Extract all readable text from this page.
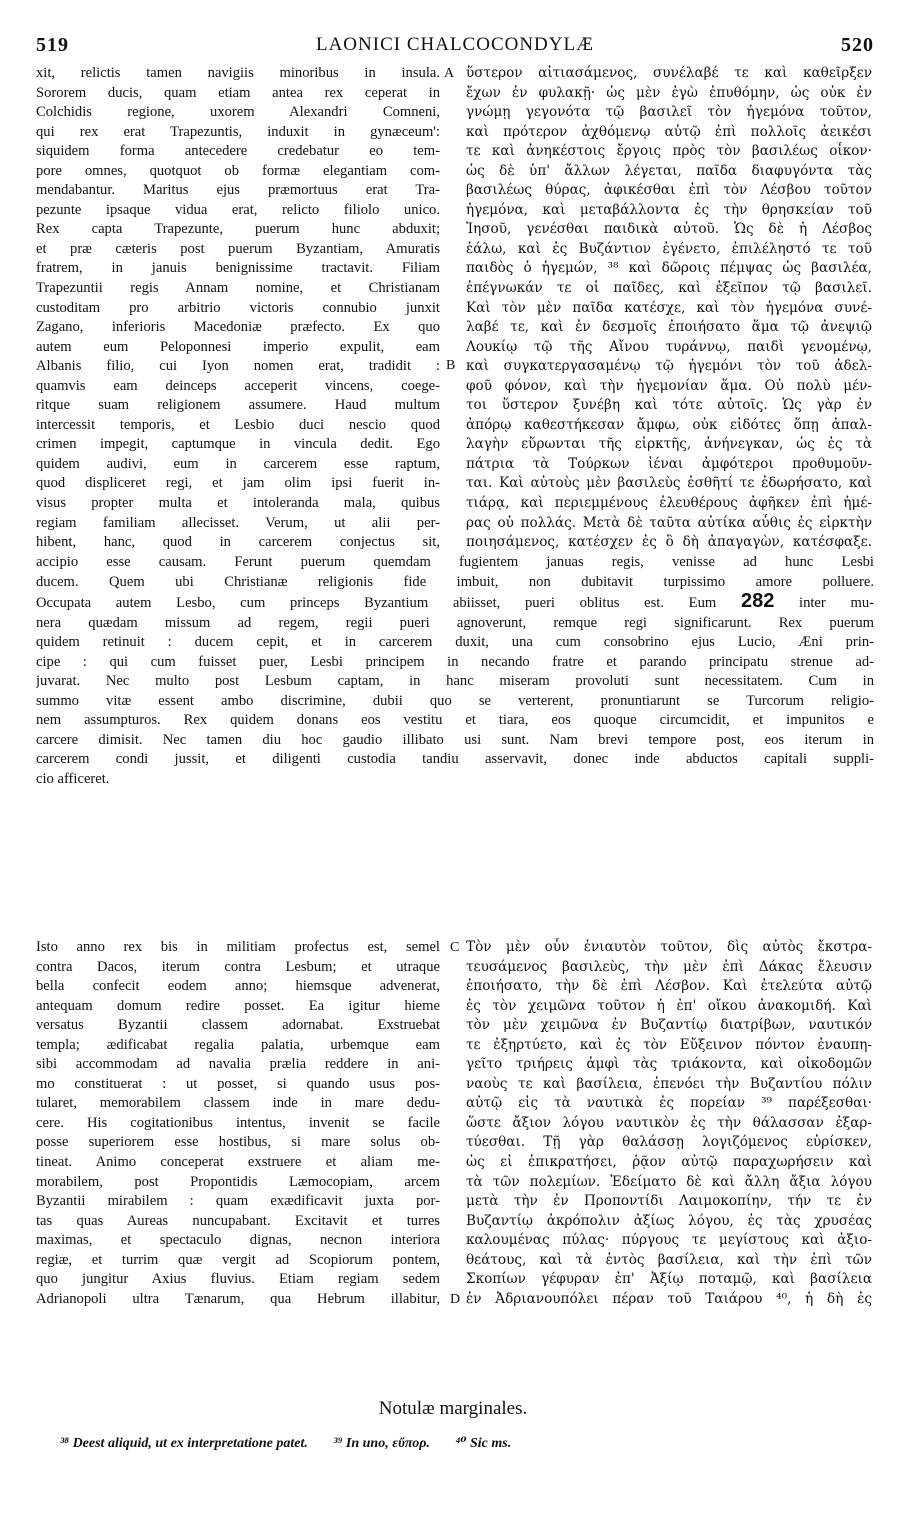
519	LAONICI CHALCOCONDYLÆ	520
A
B
C
D
xit, relictis tamen navigiis minoribus in insula.
Sororem ducis, quam etiam antea rex ceperat in
Colchidis regione, uxorem Alexandri Comneni,
qui rex erat Trapezuntis, induxit in gynæceum':
siquidem forma antecedere credebatur eo tem-
pore omnes, quotquot ob formæ elegantiam com-
mendabantur. Maritus ejus præmortuus erat Tra-
pezunte ipsaque vidua erat, relicto filiolo unico.
Rex capta Trapezunte, puerum hunc abduxit;
et præ cæteris post puerum Byzantiam, Amuratis
fratrem, in januis benignissime tractavit. Filiam
Trapezuntii regis Annam nomine, et Christianam
custoditam pro arbitrio victoris connubio junxit
Zagano, inferioris Macedoniæ præfecto. Ex quo
autem eum Peloponnesi imperio expulit, eam
Albanis filio, cui Iyon nomen erat, tradidit :
quamvis eam deinceps acceperit vincens, coege-
ritque suam religionem assumere. Haud multum
intercessit temporis, et Lesbio duci nescio quod
crimen impegit, captumque in vincula dedit. Ego
quidem audivi, eum in carcerem esse raptum,
quod displiceret regi, et jam olim ipsi fuerit in-
visus propter multa et intoleranda mala, quibus
regiam familiam allecisset. Verum, ut alii per-
hibent, hanc, quod in carcerem conjectus sit,
ὕστερον αἰτιασάμενος, συνέλαβέ τε καὶ καθεῖρξεν
ἔχων ἐν φυλακῇ· ὡς μὲν ἐγὼ ἐπυθόμην, ὡς οὐκ ἐν
γνώμῃ γεγονότα τῷ βασιλεῖ τὸν ἡγεμόνα τοῦτον,
καὶ πρότερον ἀχθόμενῳ αὐτῷ ἐπὶ πολλοῖς ἀεικέσι
τε καὶ ἀνηκέστοις ἔργοις πρὸς τὸν βασιλέως οἶκον·
ὡς δὲ ὑπ' ἄλλων λέγεται, παῖδα διαφυγόντα τὰς
βασιλέως θύρας, ἀφικέσθαι ἐπὶ τὸν Λέσβου τοῦτον
ἡγεμόνα, καὶ μεταβάλλοντα ἐς τὴν θρησκείαν τοῦ
Ἰησοῦ, γενέσθαι παιδικὰ αὐτοῦ. Ὡς δὲ ἡ Λέσβος
ἑάλω, καὶ ἐς Βυζάντιον ἐγένετο, ἐπιλέληστό τε τοῦ
παιδὸς ὁ ἡγεμών, ³⁸ καὶ δῶροις πέμψας ὡς βασιλέα,
ἐπέγνωκάν τε οἱ παῖδες, καὶ ἐξεῖπον τῷ βασιλεῖ.
Καὶ τὸν μὲν παῖδα κατέσχε, καὶ τὸν ἡγεμόνα συνέ-
λαβέ τε, καὶ ἐν δεσμοῖς ἐποιήσατο ἅμα τῷ ἀνεψιῷ
Λουκίῳ τῷ τῆς Αἴνου τυράννῳ, παιδὶ γενομένῳ,
καὶ συγκατεργασαμένῳ τῷ ἡγεμόνι τὸν τοῦ ἀδελ-
φοῦ φόνον, καὶ τὴν ἡγεμονίαν ἅμα. Οὐ πολὺ μέν-
τοι ὕστερον ξυνέβη καὶ τότε αὐτοῖς. Ὡς γὰρ ἐν
ἀπόρῳ καθεστήκεσαν ἄμφω, οὐκ εἰδότες ὅπῃ ἀπαλ-
λαγὴν εὕρωνται τῆς εἱρκτῆς, ἀνήνεγκαν, ὡς ἐς τὰ
πάτρια τὰ Τούρκων ἰέναι ἀμφότεροι προθυμοῦν-
ται. Καὶ αὐτοὺς μὲν βασιλεὺς ἐσθῆτί τε ἐδωρήσατο, καὶ
τιάρᾳ, καὶ περιεμμένους ἐλευθέρους ἀφῆκεν ἐπὶ ἡμέ-
ρας οὐ πολλάς. Μετὰ δὲ ταῦτα αὐτίκα αὖθις ἐς εἱρκτὴν
ποιησάμενος, κατέσχεν ἐς ὃ δὴ ἀπαγαγὼν, κατέσφαξε.
accipio esse causam. Ferunt puerum quemdam fugientem januas regis, venisse ad hunc Lesbi
ducem. Quem ubi Christianæ religionis fide imbuit, non dubitavit turpissimo amore polluere.
Occupata autem Lesbo, cum princeps Byzantium abiisset, pueri oblitus est. Eum 282 inter mu-
nera quædam missum ad regem, regii pueri agnoverunt, remque regi significarunt. Rex puerum
quidem retinuit : ducem cepit, et in carcerem duxit, una cum consobrino ejus Lucio, Æni prin-
cipe : qui cum fuisset puer, Lesbi principem in necando fratre et parando principatu strenue ad-
juvarat. Nec multo post Lesbum captam, in hanc miseram provoluti sunt necessitatem. Cum in
summo vitæ essent ambo discrimine, dubii quo se verterent, pronuntiarunt se Turcorum religio-
nem assumpturos. Rex quidem donans eos vestitu et tiara, eos quoque circumcidit, et impunitos e
carcere dimisit. Nec tamen diu hoc gaudio illibato usi sunt. Nam brevi tempore post, eos iterum in
carcerem condi jussit, et diligenti custodia tandiu asservavit, donec inde abductos capitali suppli-
cio afficeret.
Isto anno rex bis in militiam profectus est, semel
contra Dacos, iterum contra Lesbum; et utraque
bella confecit eodem anno; hiemsque advenerat,
antequam domum redire posset. Ea igitur hieme
versatus Byzantii classem adornabat. Exstruebat
templa; ædificabat regalia palatia, urbemque eam
sibi accommodam ad navalia prælia reddere in ani-
mo constituerat : ut posset, si quando usus pos-
tularet, memorabilem classem inde in mare dedu-
cere. His cogitationibus intentus, invenit se facile
posse superiorem esse hostibus, si mare solus ob-
tineat. Animo conceperat exstruere et aliam me-
morabilem, post Propontidis Læmocopiam, arcem
Byzantii mirabilem : quam exædificavit juxta por-
tas quas Aureas nuncupabant. Excitavit et turres
maximas, et spectaculo dignas, necnon interiora
regiæ, et turrim quæ vergit ad Scopiorum pontem,
quo jungitur Axius fluvius. Etiam regiam sedem
Adrianopoli ultra Tænarum, qua Hebrum illabitur,
Τὸν μὲν οὖν ἐνιαυτὸν τοῦτον, δὶς αὐτὸς ἔκστρα-
τευσάμενος βασιλεὺς, τὴν μὲν ἐπὶ Δάκας ἔλευσιν
ἐποιήσατο, τὴν δὲ ἐπὶ Λέσβον. Καὶ ἐτελεύτα αὐτῷ
ἐς τὸν χειμῶνα τοῦτον ἡ ἐπ' οἴκου ἀνακομιδή. Καὶ
τὸν μὲν χειμῶνα ἐν Βυζαντίῳ διατρίβων, ναυτικόν
τε ἐξηρτύετο, καὶ ἐς τὸν Εὔξεινον πόντον ἐναυπη-
γεῖτο τριήρεις ἀμφὶ τὰς τριάκοντα, καὶ οἰκοδομῶν
ναοὺς τε καὶ βασίλεια, ἐπενόει τὴν Βυζαντίου πόλιν
αὐτῷ εἰς τὰ ναυτικὰ ἐς πορείαν ³⁹ παρέξεσθαι·
ὥστε ἄξιον λόγου ναυτικὸν ἐς τὴν θάλασσαν ἐξαρ-
τύεσθαι. Τῇ γὰρ θαλάσσῃ λογιζόμενος εὑρίσκεν,
ὡς εἰ ἐπικρατήσει, ῥᾷον αὐτῷ παραχωρήσειν καὶ
τὰ τῶν πολεμίων. Ἐδείματο δὲ καὶ ἄλλη ἄξια λόγου
μετὰ τὴν ἐν Προποντίδι Λαιμοκοπίην, τήν τε ἐν
Βυζαντίῳ ἀκρόπολιν ἀξίως λόγου, ἐς τὰς χρυσέας
καλουμένας πύλας· πύργους τε μεγίστους καὶ ἀξιο-
θεάτους, καὶ τὰ ἐντὸς βασίλεια, καὶ τὴν ἐπὶ τῶν
Σκοπίων γέφυραν ἐπ' Ἀξίῳ ποταμῷ, καὶ βασίλεια
ἐν Ἀδριανουπόλει πέραν τοῦ Ταιάρου ⁴⁰, ἡ δὴ ἐς
Notulæ marginales.
³⁸ Deest aliquid, ut ex interpretatione patet. ³⁹ In uno, εὔπορ. ⁴⁰ Sic ms.
